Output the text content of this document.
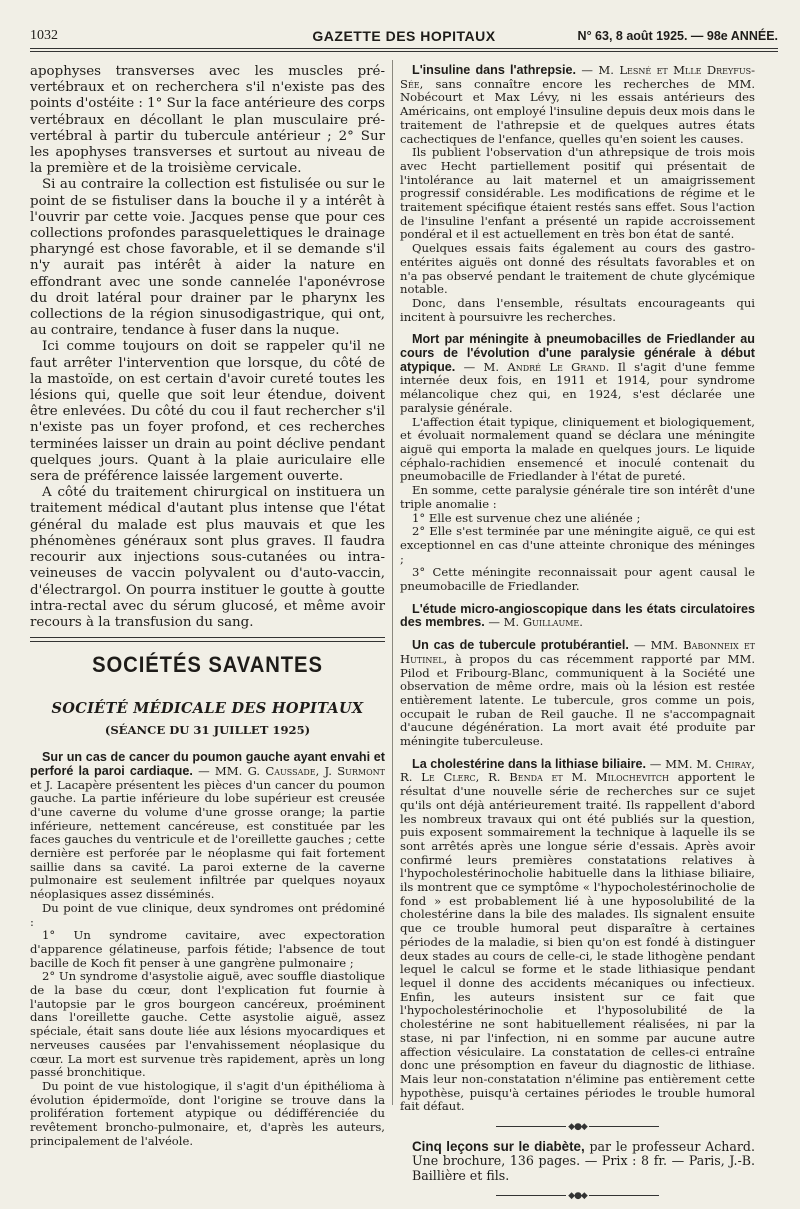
1032	GAZETTE DES HOPITAUX	N° 63, 8 août 1925. — 98e ANNÉE.

apophyses transverses avec les muscles pré-vertébraux et on recherchera s'il n'existe pas des points d'ostéite : 1° Sur la face antérieure des corps vertébraux en décollant le plan musculaire pré-vertébral à partir du tubercule antérieur ; 2° Sur les apophyses transverses et surtout au niveau de la première et de la troisième cervicale.

Si au contraire la collection est fistulisée ou sur le point de se fistuliser dans la bouche il y a intérêt à l'ouvrir par cette voie. Jacques pense que pour ces collections profondes parasquelettiques le drainage pharyngé est chose favorable, et il se demande s'il n'y aurait pas intérêt à aider la nature en effondrant avec une sonde cannelée l'aponévrose du droit latéral pour drainer par le pharynx les collections de la région sinusodigastrique, qui ont, au contraire, tendance à fuser dans la nuque.

Ici comme toujours on doit se rappeler qu'il ne faut arrêter l'intervention que lorsque, du côté de la mastoïde, on est certain d'avoir cureté toutes les lésions qui, quelle que soit leur étendue, doivent être enlevées. Du côté du cou il faut rechercher s'il n'existe pas un foyer profond, et ces recherches terminées laisser un drain au point déclive pendant quelques jours. Quant à la plaie auriculaire elle sera de préférence laissée largement ouverte.

A côté du traitement chirurgical on instituera un traitement médical d'autant plus intense que l'état général du malade est plus mauvais et que les phénomènes généraux sont plus graves. Il faudra recourir aux injections sous-cutanées ou intra-veineuses de vaccin polyvalent ou d'auto-vaccin, d'électrargol. On pourra instituer le goutte à goutte intra-rectal avec du sérum glucosé, et même avoir recours à la transfusion du sang.

SOCIÉTÉS SAVANTES
SOCIÉTÉ MÉDICALE DES HOPITAUX
(SÉANCE DU 31 JUILLET 1925)

Sur un cas de cancer du poumon gauche ayant envahi et perforé la paroi cardiaque. — MM. G. Caussade, J. Surmont et J. Lacapère présentent les pièces d'un cancer du poumon gauche. La partie inférieure du lobe supérieur est creusée d'une caverne du volume d'une grosse orange; la partie inférieure, nettement cancéreuse, est constituée par les faces gauches du ventricule et de l'oreillette gauches ; cette dernière est perforée par le néoplasme qui fait fortement saillie dans sa cavité. La paroi externe de la caverne pulmonaire est seulement infiltrée par quelques noyaux néoplasiques assez disséminés.

Du point de vue clinique, deux syndromes ont prédominé :

1° Un syndrome cavitaire, avec expectoration d'apparence gélatineuse, parfois fétide; l'absence de tout bacille de Koch fit penser à une gangrène pulmonaire ;

2° Un syndrome d'asystolie aiguë, avec souffle diastolique de la base du cœur, dont l'explication fut fournie à l'autopsie par le gros bourgeon cancéreux, proéminent dans l'oreillette gauche. Cette asystolie aiguë, assez spéciale, était sans doute liée aux lésions myocardiques et nerveuses causées par l'envahissement néoplasique du cœur. La mort est survenue très rapidement, après un long passé bronchitique.

Du point de vue histologique, il s'agit d'un épithélioma à évolution épidermoïde, dont l'origine se trouve dans la prolifération fortement atypique ou dédifférenciée du revêtement broncho-pulmonaire, et, d'après les auteurs, principalement de l'alvéole.

L'insuline dans l'athrepsie. — M. Lesné et Mlle Dreyfus-Sée, sans connaître encore les recherches de MM. Nobécourt et Max Lévy, ni les essais antérieurs des Américains, ont employé l'insuline depuis deux mois dans le traitement de l'athrepsie et de quelques autres états cachectiques de l'enfance, quelles qu'en soient les causes.

Ils publient l'observation d'un athrepsique de trois mois avec Hecht partiellement positif qui présentait de l'intolérance au lait maternel et un amaigrissement progressif considérable. Les modifications de régime et le traitement spécifique étaient restés sans effet. Sous l'action de l'insuline l'enfant a présenté un rapide accroissement pondéral et il est actuellement en très bon état de santé.

Quelques essais faits également au cours des gastro-entérites aiguës ont donné des résultats favorables et on n'a pas observé pendant le traitement de chute glycémique notable.

Donc, dans l'ensemble, résultats encourageants qui incitent à poursuivre les recherches.

Mort par méningite à pneumobacilles de Friedlander au cours de l'évolution d'une paralysie générale à début atypique. — M. André Le Grand. Il s'agit d'une femme internée deux fois, en 1911 et 1914, pour syndrome mélancolique chez qui, en 1924, s'est déclarée une paralysie générale.

L'affection était typique, cliniquement et biologiquement, et évoluait normalement quand se déclara une méningite aiguë qui emporta la malade en quelques jours. Le liquide céphalo-rachidien ensemencé et inoculé contenait du pneumobacille de Friedlander à l'état de pureté.

En somme, cette paralysie générale tire son intérêt d'une triple anomalie :

1° Elle est survenue chez une aliénée ;

2° Elle s'est terminée par une méningite aiguë, ce qui est exceptionnel en cas d'une atteinte chronique des méninges ;

3° Cette méningite reconnaissait pour agent causal le pneumobacille de Friedlander.

L'étude micro-angioscopique dans les états circulatoires des membres. — M. Guillaume.

Un cas de tubercule protubérantiel. — MM. Babonneix et Hutinel, à propos du cas récemment rapporté par MM. Pilod et Fribourg-Blanc, communiquent à la Société une observation de même ordre, mais où la lésion est restée entièrement latente. Le tubercule, gros comme un pois, occupait le ruban de Reil gauche. Il ne s'accompagnait d'aucune dégénération. La mort avait été produite par méningite tuberculeuse.

La cholestérine dans la lithiase biliaire. — MM. M. Chiray, R. Le Clerc, R. Benda et M. Milochevitch apportent le résultat d'une nouvelle série de recherches sur ce sujet qu'ils ont déjà antérieurement traité. Ils rappellent d'abord les nombreux travaux qui ont été publiés sur la question, puis exposent sommairement la technique à laquelle ils se sont arrêtés après une longue série d'essais. Après avoir confirmé leurs premières constatations relatives à l'hypocholestérinocholie habituelle dans la lithiase biliaire, ils montrent que ce symptôme « l'hypocholestérinocholie de fond » est probablement lié à une hyposolubilité de la cholestérine dans la bile des malades. Ils signalent ensuite que ce trouble humoral peut disparaître à certaines périodes de la maladie, si bien qu'on est fondé à distinguer deux stades au cours de celle-ci, le stade lithogène pendant lequel le calcul se forme et le stade lithiasique pendant lequel il donne des accidents mécaniques ou infectieux. Enfin, les auteurs insistent sur ce fait que l'hypocholestérinocholie et l'hyposolubilité de la cholestérine ne sont habituellement réalisées, ni par la stase, ni par l'infection, ni en somme par aucune autre affection vésiculaire. La constatation de celles-ci entraîne donc une présomption en faveur du diagnostic de lithiase. Mais leur non-constatation n'élimine pas entièrement cette hypothèse, puisqu'à certaines périodes le trouble humoral fait défaut.

◆●◆

Cinq leçons sur le diabète, par le professeur Achard. Une brochure, 136 pages. — Prix : 8 fr. — Paris, J.-B. Baillière et fils.

◆●◆
